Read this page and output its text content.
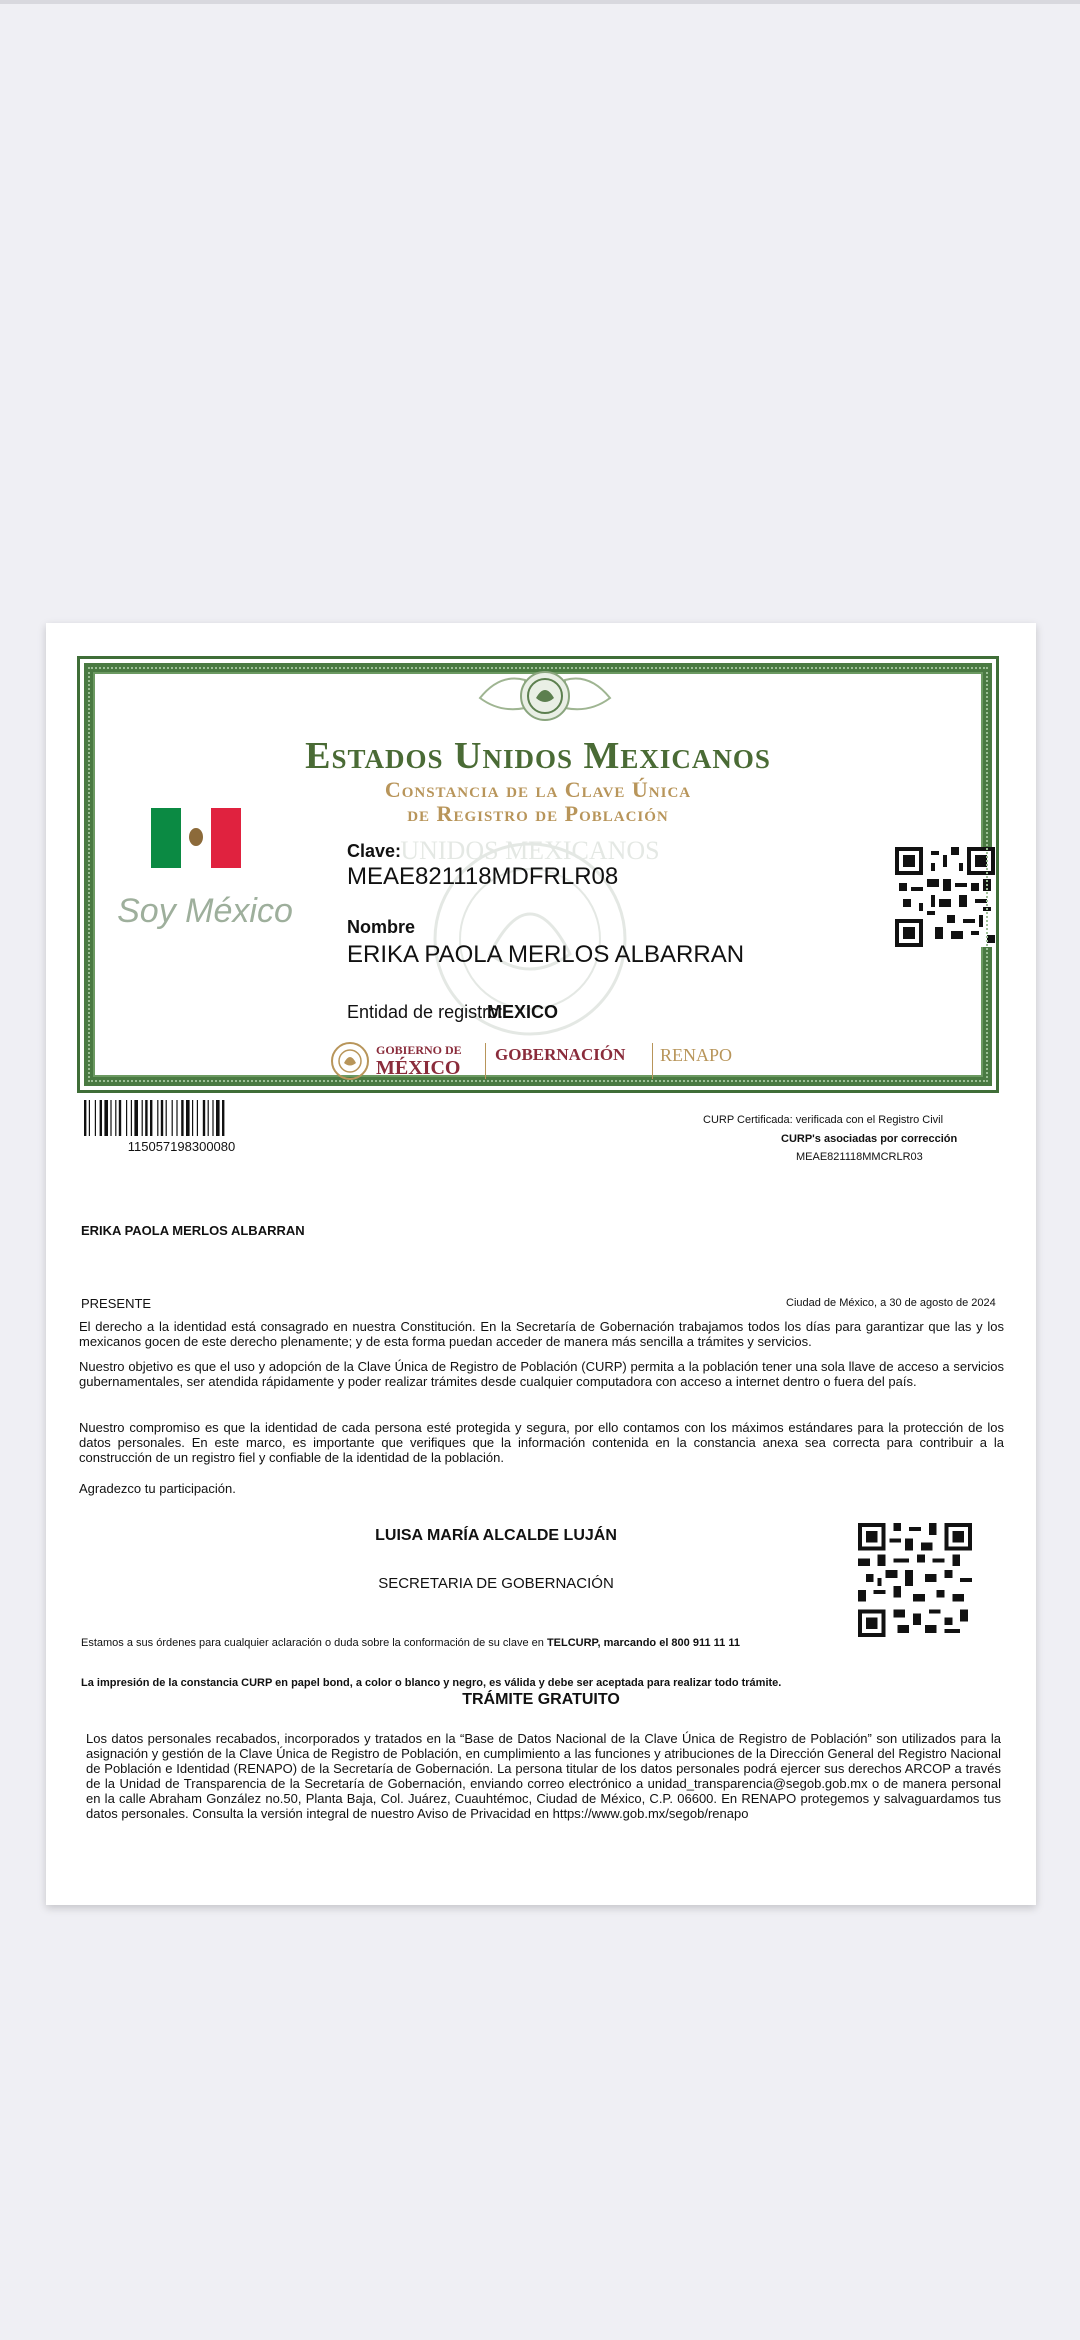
UNIDOS MEXICANOS
Estados Unidos Mexicanos
Constancia de la Clave Única
de Registro de Población
Soy México
Clave:
MEAE821118MDFRLR08
Nombre
ERIKA PAOLA MERLOS ALBARRAN
Entidad de registro:
MEXICO
GOBIERNO DE
MÉXICO
GOBERNACIÓN RENAPO
115057198300080
CURP Certificada: verificada con el Registro Civil
CURP's asociadas por corrección
MEAE821118MMCRLR03
ERIKA PAOLA MERLOS ALBARRAN
PRESENTE	Ciudad de México, a 30 de agosto de 2024
El derecho a la identidad está consagrado en nuestra Constitución. En la Secretaría de Gobernación trabajamos todos los días para garantizar que las y los mexicanos gocen de este derecho plenamente; y de esta forma puedan acceder de manera más sencilla a trámites y servicios.
Nuestro objetivo es que el uso y adopción de la Clave Única de Registro de Población (CURP) permita a la población tener una sola llave de acceso a servicios gubernamentales, ser atendida rápidamente y poder realizar trámites desde cualquier computadora con acceso a internet dentro o fuera del país.
Nuestro compromiso es que la identidad de cada persona esté protegida y segura, por ello contamos con los máximos estándares para la protección de los datos personales. En este marco, es importante que verifiques que la información contenida en la constancia anexa sea correcta para contribuir a la construcción de un registro fiel y confiable de la identidad de la población.
Agradezco tu participación.
LUISA MARÍA ALCALDE LUJÁN
SECRETARIA DE GOBERNACIÓN
Estamos a sus órdenes para cualquier aclaración o duda sobre la conformación de su clave en TELCURP, marcando el 800 911 11 11
La impresión de la constancia CURP en papel bond, a color o blanco y negro, es válida y debe ser aceptada para realizar todo trámite.
TRÁMITE GRATUITO
Los datos personales recabados, incorporados y tratados en la “Base de Datos Nacional de la Clave Única de Registro de Población” son utilizados para la asignación y gestión de la Clave Única de Registro de Población, en cumplimiento a las funciones y atribuciones de la Dirección General del Registro Nacional de Población e Identidad (RENAPO) de la Secretaría de Gobernación. La persona titular de los datos personales podrá ejercer sus derechos ARCOP a través de la Unidad de Transparencia de la Secretaría de Gobernación, enviando correo electrónico a unidad_transparencia@segob.gob.mx o de manera personal en la calle Abraham González no.50, Planta Baja, Col. Juárez, Cuauhtémoc, Ciudad de México, C.P. 06600. En RENAPO protegemos y salvaguardamos tus datos personales. Consulta la versión integral de nuestro Aviso de Privacidad en https://www.gob.mx/segob/renapo
